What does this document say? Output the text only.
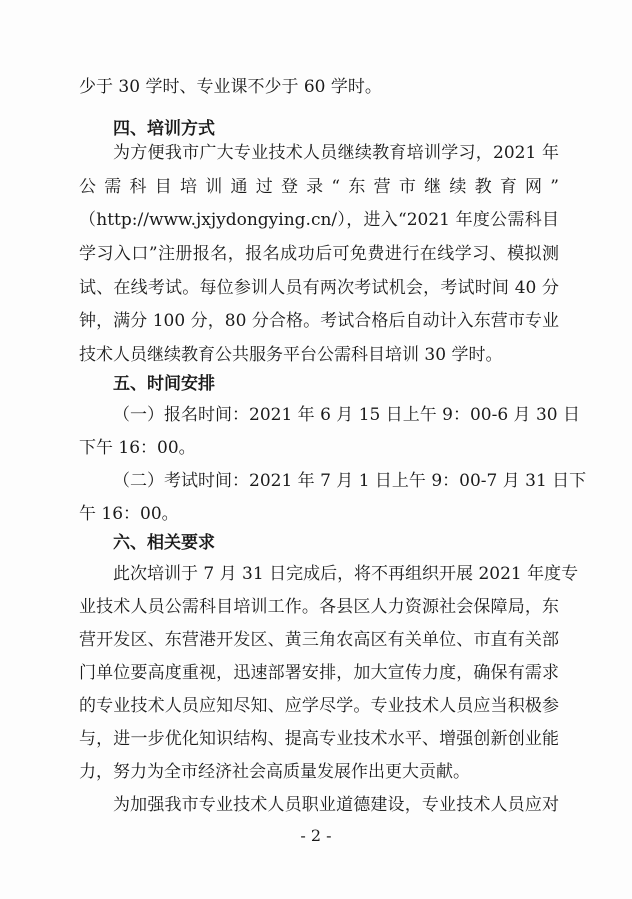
少于 30 学时、专业课不少于 60 学时。
四、培训方式
为方便我市广大专业技术人员继续教育培训学习，2021 年
公需科目培训通过登录“东营市继续教育网”
（http://www.jxjydongying.cn/），进入“2021 年度公需科目
学习入口”注册报名，报名成功后可免费进行在线学习、模拟测
试、在线考试。每位参训人员有两次考试机会，考试时间 40 分
钟，满分 100 分，80 分合格。考试合格后自动计入东营市专业
技术人员继续教育公共服务平台公需科目培训 30 学时。
五、时间安排
（一）报名时间：2021 年 6 月 15 日上午 9：00-6 月 30 日
下午 16：00。
（二）考试时间：2021 年 7 月 1 日上午 9：00-7 月 31 日下
午 16：00。
六、相关要求
此次培训于 7 月 31 日完成后，将不再组织开展 2021 年度专
业技术人员公需科目培训工作。各县区人力资源社会保障局，东
营开发区、东营港开发区、黄三角农高区有关单位、市直有关部
门单位要高度重视，迅速部署安排，加大宣传力度，确保有需求
的专业技术人员应知尽知、应学尽学。专业技术人员应当积极参
与，进一步优化知识结构、提高专业技术水平、增强创新创业能
力，努力为全市经济社会高质量发展作出更大贡献。
为加强我市专业技术人员职业道德建设，专业技术人员应对
- 2 -
